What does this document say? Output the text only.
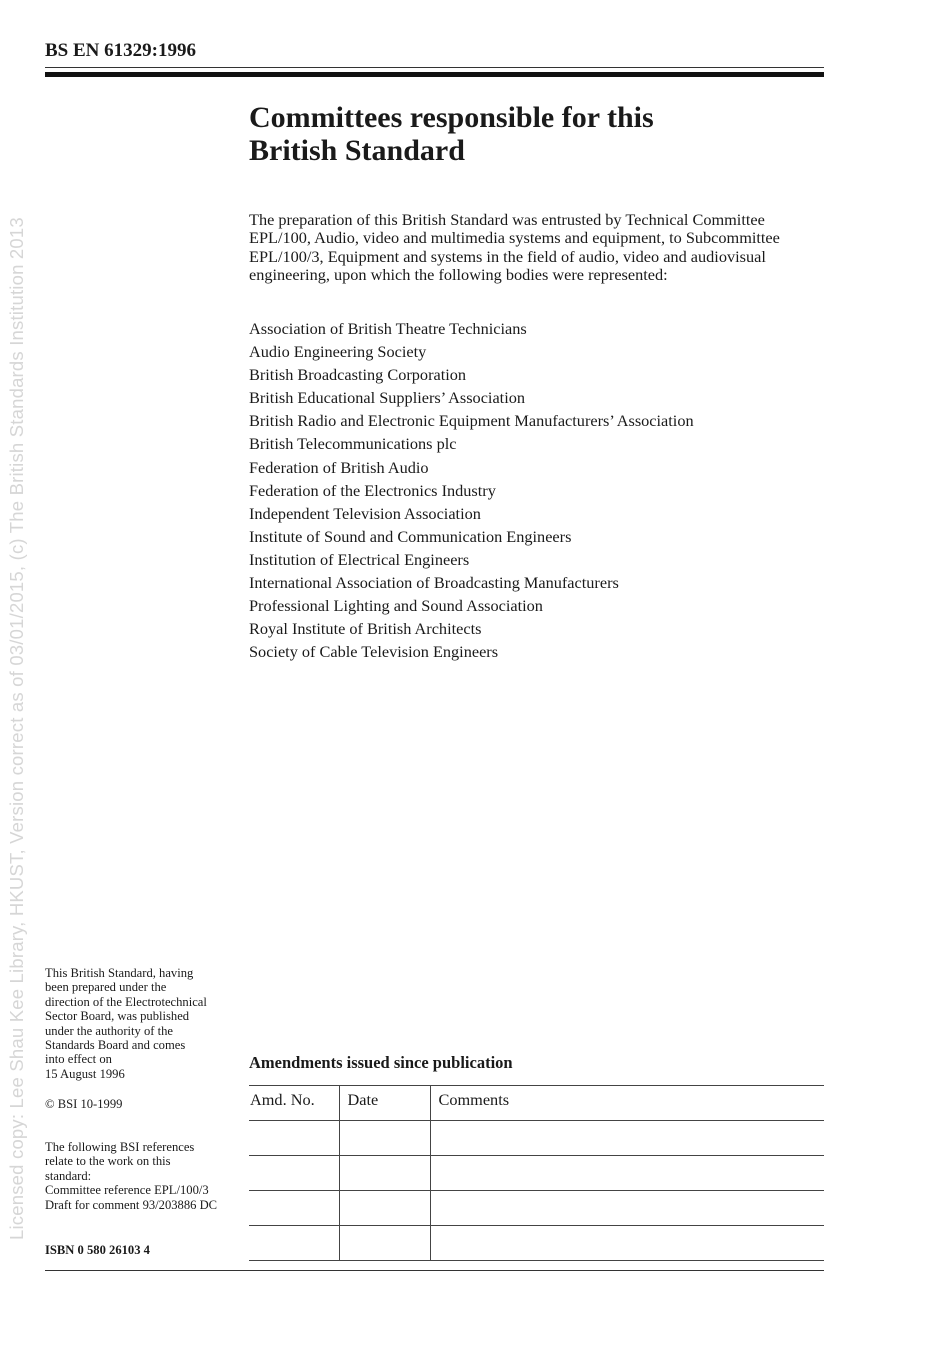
Licensed copy: Lee Shau Kee Library, HKUST, Version correct as of 03/01/2015, (c) The British Standards Institution 2013
BS EN 61329:1996
Committees responsible for this
British Standard

The preparation of this British Standard was entrusted by Technical Committee EPL/100, Audio, video and multimedia systems and equipment, to Subcommittee EPL/100/3, Equipment and systems in the field of audio, video and audiovisual engineering, upon which the following bodies were represented:

Association of British Theatre Technicians
Audio Engineering Society
British Broadcasting Corporation
British Educational Suppliers’ Association
British Radio and Electronic Equipment Manufacturers’ Association
British Telecommunications plc
Federation of British Audio
Federation of the Electronics Industry
Independent Television Association
Institute of Sound and Communication Engineers
Institution of Electrical Engineers
International Association of Broadcasting Manufacturers
Professional Lighting and Sound Association
Royal Institute of British Architects
Society of Cable Television Engineers

This British Standard, having
been prepared under the
direction of the Electrotechnical
Sector Board, was published
under the authority of the
Standards Board and comes
into effect on
15 August 1996

© BSI 10-1999

The following BSI references
relate to the work on this
standard:
Committee reference EPL/100/3
Draft for comment 93/203886 DC

ISBN 0 580 26103 4
Amendments issued since publication
Amd. No.	Date	Comments
